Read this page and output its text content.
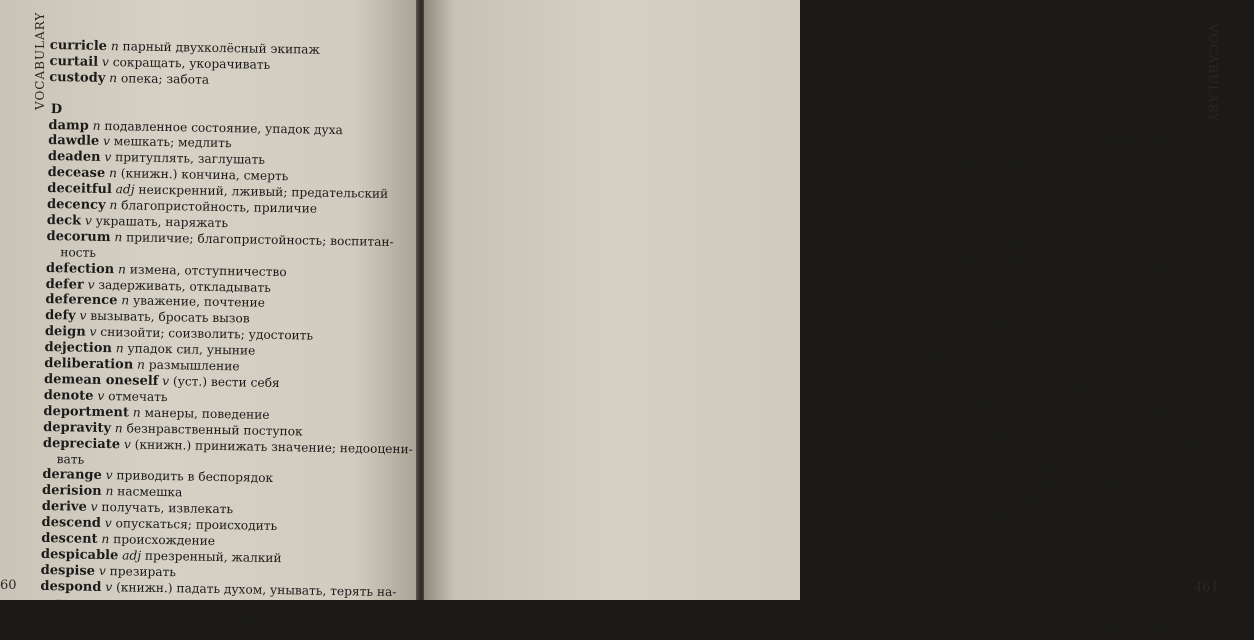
VOCABULARY curricle n парный двухколёсный экипаж
curtail v сокращать, укорачивать
custody n опека; забота
D
damp n подавленное состояние, упадок духа
dawdle v мешкать; медлить
deaden v притуплять, заглушать
decease n (книжн.) кончина, смерть
deceitful adj неискренний, лживый; предательский
decency n благопристойность, приличие
deck v украшать, наряжать
decorum n приличие; благопристойность; воспитан-
ность
defection n измена, отступничество
defer v задерживать, откладывать
deference n уважение, почтение
defy v вызывать, бросать вызов
deign v снизойти; соизволить; удостоить
dejection n упадок сил, уныние
deliberation n размышление
demean oneself v (уст.) вести себя
denote v отмечать
deportment n манеры, поведение
depravity n безнравственный поступок
depreciate v (книжн.) принижать значение; недооцени-
вать
derange v приводить в беспорядок
derision n насмешка
derive v получать, извлекать
descend v опускаться; происходить
descent n происхождение
despicable adj презренный, жалкий
despise v презирать
despond v (книжн.) падать духом, унывать, терять на-
дежду
destitute adj очень бедный, сильно нуждающийся
60
detain v задерживать; откладывать
detest v ненавидеть, питать отвращение; не выносить
devoid adj лишённый
diffidence n робость, неуверенность в себе
diffuse adj многословный
dignity n достоинство, гордость; звание, титул
digression n отступление, отклонение от темы
dilatory adj медлящий, оттягивающий (время)
diminution n уменьшение
disarm v обезоруживать
discern v разглядеть; различать, распознавать
discernment n проницательность
discharge v выплачивать (долги)
disclaim v отказываться, отрекаться; отрицать
discomposure n беспокойство, замешательство
disconcerted adj смущённый; обескураженный; расстро-
енный; выведенный из себя
discourse n (книжн.) серьёзный разговор, беседа; речь
discretion n свобода действий; проницательность; бла-
горазумие
disdain n презрение, пренебрежение; v презирать
disgrace v позорить; дискредитировать
disguise n маскировка; притворство; v маскировать;
скрывать
disgust n отвращение; недовольство, раздражение
dismay n испуг, беспокойство, волнение
dispatch v посылать; отправлять
disposed adj склонный, расположенный
disposition n нрав, характер, манера
dissemble v скрывать; притворяться
disservice n ущерб, вред
dissipation n разгульный образ жизни
dissuade v отговаривать
distractedly adv безумно, без памяти
distraction n отвлечение внимания; беспорядок
distress v причинять страдание, горе; мучить, терзать;
доводить до нищеты; n несчастье, страдание
VOCABULARY
461
